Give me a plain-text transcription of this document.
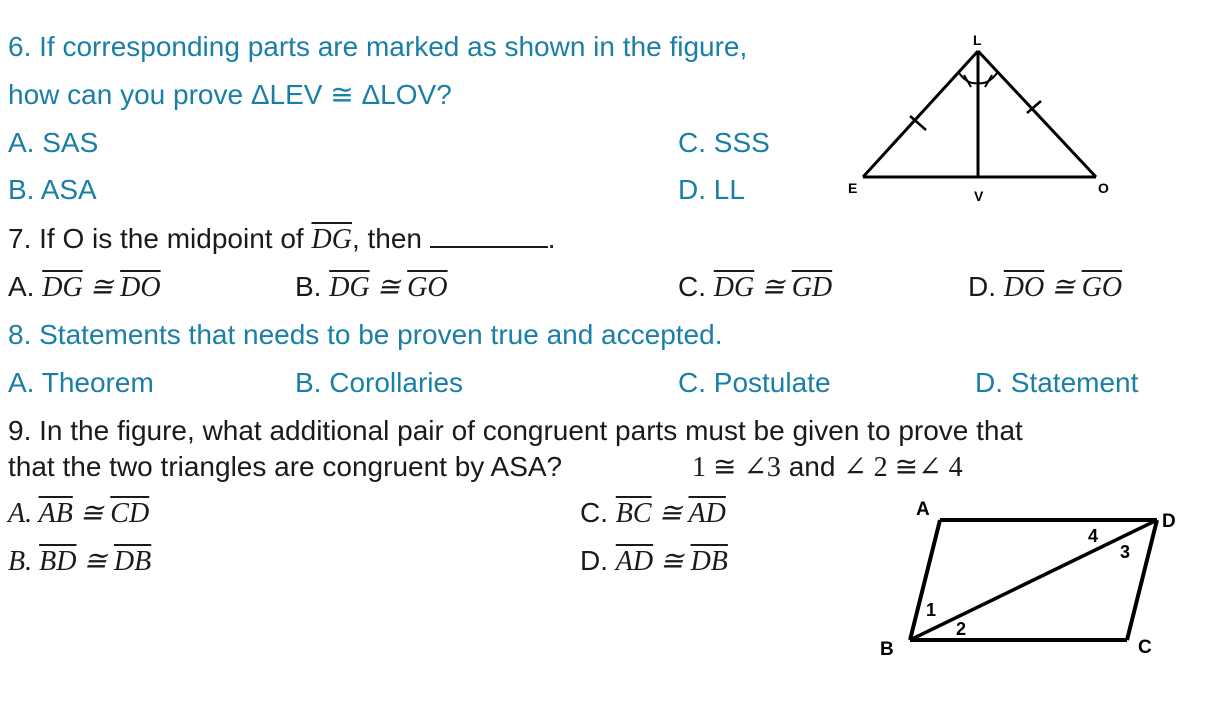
6. If corresponding parts are marked as shown in the figure,
how can you prove ΔLEV ≅ ΔLOV?
A. SAS
B. ASA
C. SSS
D. LL
L
E	V	O
7. If O is the midpoint of $\overline{DG}$, then	.
A. $\overline{DG}$ ≅ $\overline{DO}$	B. $\overline{DG}$ ≅ $\overline{GO}$	C. $\overline{DG}$ ≅ $\overline{GD}$	D. $\overline{DO}$ ≅ $\overline{GO}$
8. Statements that needs to be proven true and accepted.
A. Theorem	B. Corollaries	C. Postulate	D. Statement
9. In the figure, what additional pair of congruent parts must be given to prove that
that the two triangles are congruent by ASA?	1 ≅ ∠3 and ∠ 2 ≅∠ 4
A. $\overline{AB}$ ≅ $\overline{CD}$
B. $\overline{BD}$ ≅ $\overline{DB}$
C. $\overline{BC}$ ≅ $\overline{AD}$
D. $\overline{AD}$ ≅ $\overline{DB}$
A
D
B	C
1
2
3
4
